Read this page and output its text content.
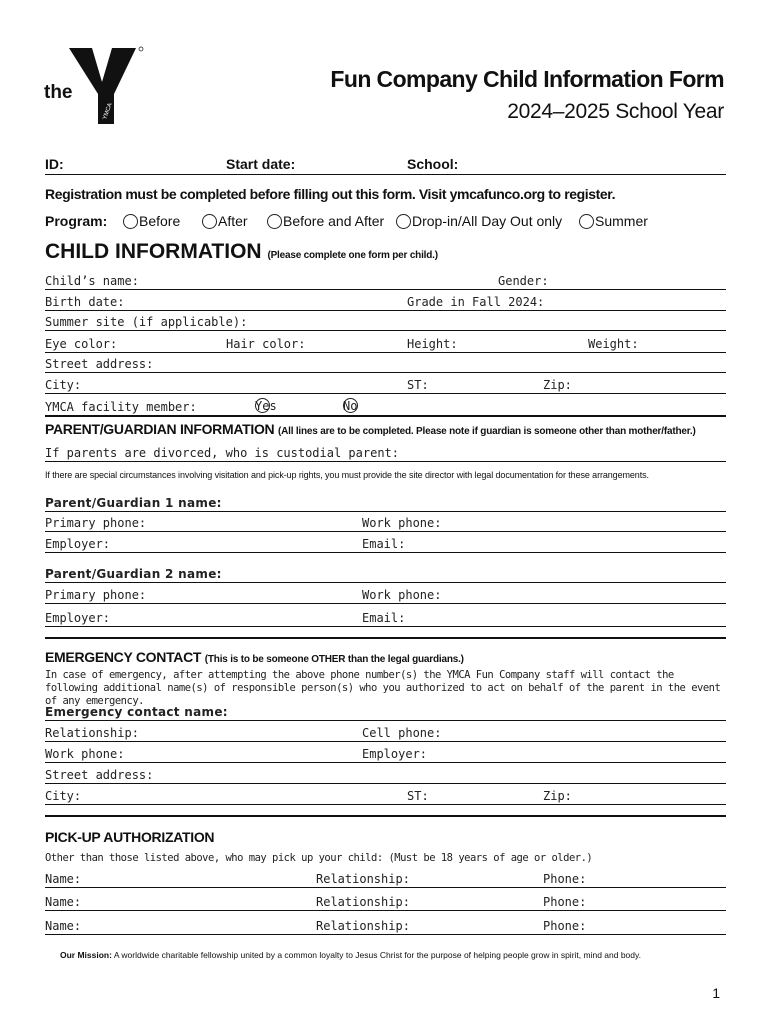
the
YMCA
Fun Company Child Information Form
2024–2025 School Year
ID:	Start date:	School:
Registration must be completed before filling out this form. Visit ymcafunco.org to register.
Program: Before	After	Before and After Drop-in/All Day Out only Summer
CHILD INFORMATION (Please complete one form per child.)
Child’s name:	Gender:
Birth date:	Grade in Fall 2024:
Summer site (if applicable):
Eye color:	Hair color:	Height:	Weight:
Street address:
City:	ST:	Zip:
YMCA facility member:	Yes	No
PARENT/GUARDIAN INFORMATION (All lines are to be completed. Please note if guardian is someone other than mother/father.)
If parents are divorced, who is custodial parent:
If there are special circumstances involving visitation and pick-up rights, you must provide the site director with legal documentation for these arrangements.
Parent/Guardian 1 name:
Primary phone:	Work phone:
Employer:	Email:
Parent/Guardian 2 name:
Primary phone:	Work phone:
Employer:	Email:
EMERGENCY CONTACT (This is to be someone OTHER than the legal guardians.)
In case of emergency, after attempting the above phone number(s) the YMCA Fun Company staff will contact the following additional name(s) of responsible person(s) who you authorized to act on behalf of the parent in the event of any emergency.
Emergency contact name:
Relationship:	Cell phone:
Work phone:	Employer:
Street address:
City:	ST:	Zip:
PICK-UP AUTHORIZATION
Other than those listed above, who may pick up your child: (Must be 18 years of age or older.)
Name:	Relationship:	Phone:
Name:	Relationship:	Phone:
Name:	Relationship:	Phone:
Our Mission: A worldwide charitable fellowship united by a common loyalty to Jesus Christ for the purpose of helping people grow in spirit, mind and body.
1
